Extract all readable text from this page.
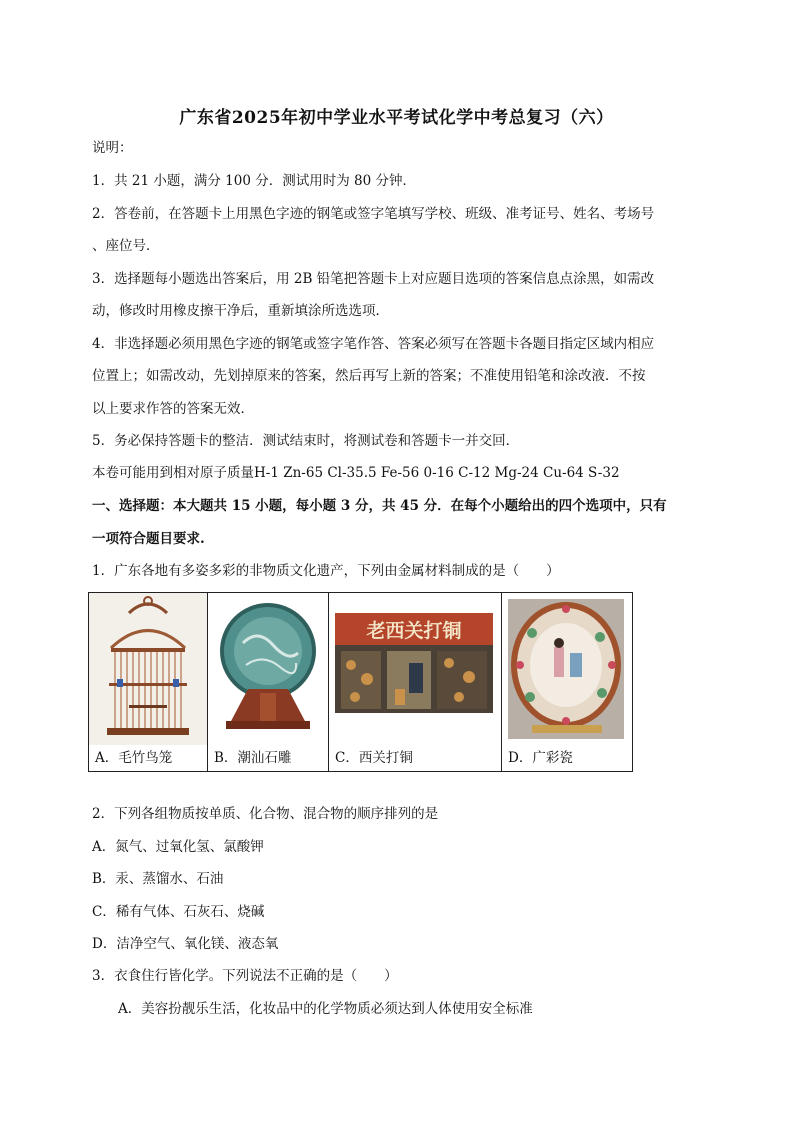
广东省2025年初中学业水平考试化学中考总复习（六）
说明：
1．共 21 小题，满分 100 分．测试用时为 80 分钟．
2．答卷前，在答题卡上用黑色字迹的钢笔或签字笔填写学校、班级、准考证号、姓名、考场号
、座位号．
3．选择题每小题选出答案后，用 2B 铅笔把答题卡上对应题目选项的答案信息点涂黑，如需改
动，修改时用橡皮擦干净后，重新填涂所选选项．
4．非选择题必须用黑色字迹的钢笔或签字笔作答、答案必须写在答题卡各题目指定区域内相应
位置上；如需改动，先划掉原来的答案，然后再写上新的答案；不准使用铅笔和涂改液．不按
以上要求作答的答案无效．
5．务必保持答题卡的整洁．测试结束时，将测试卷和答题卡一并交回．
本卷可能用到相对原子质量H-1 Zn-65 Cl-35.5 Fe-56 0-16 C-12 Mg-24 Cu-64 S-32
一、选择题：本大题共 15 小题，每小题 3 分，共 45 分．在每个小题给出的四个选项中，只有
一项符合题目要求.
1．广东各地有多姿多彩的非物质文化遗产，下列由金属材料制成的是（　　）
A．毛竹鸟笼	B．潮汕石雕

老西关打铜
C．西关打铜	D．广彩瓷
2．下列各组物质按单质、化合物、混合物的顺序排列的是
A．氮气、过氧化氢、氯酸钾
B．汞、蒸馏水、石油
C．稀有气体、石灰石、烧碱
D．洁净空气、氧化镁、液态氧
3．衣食住行皆化学。下列说法不正确的是（　　）
A．美容扮靓乐生活，化妆品中的化学物质必须达到人体使用安全标准
